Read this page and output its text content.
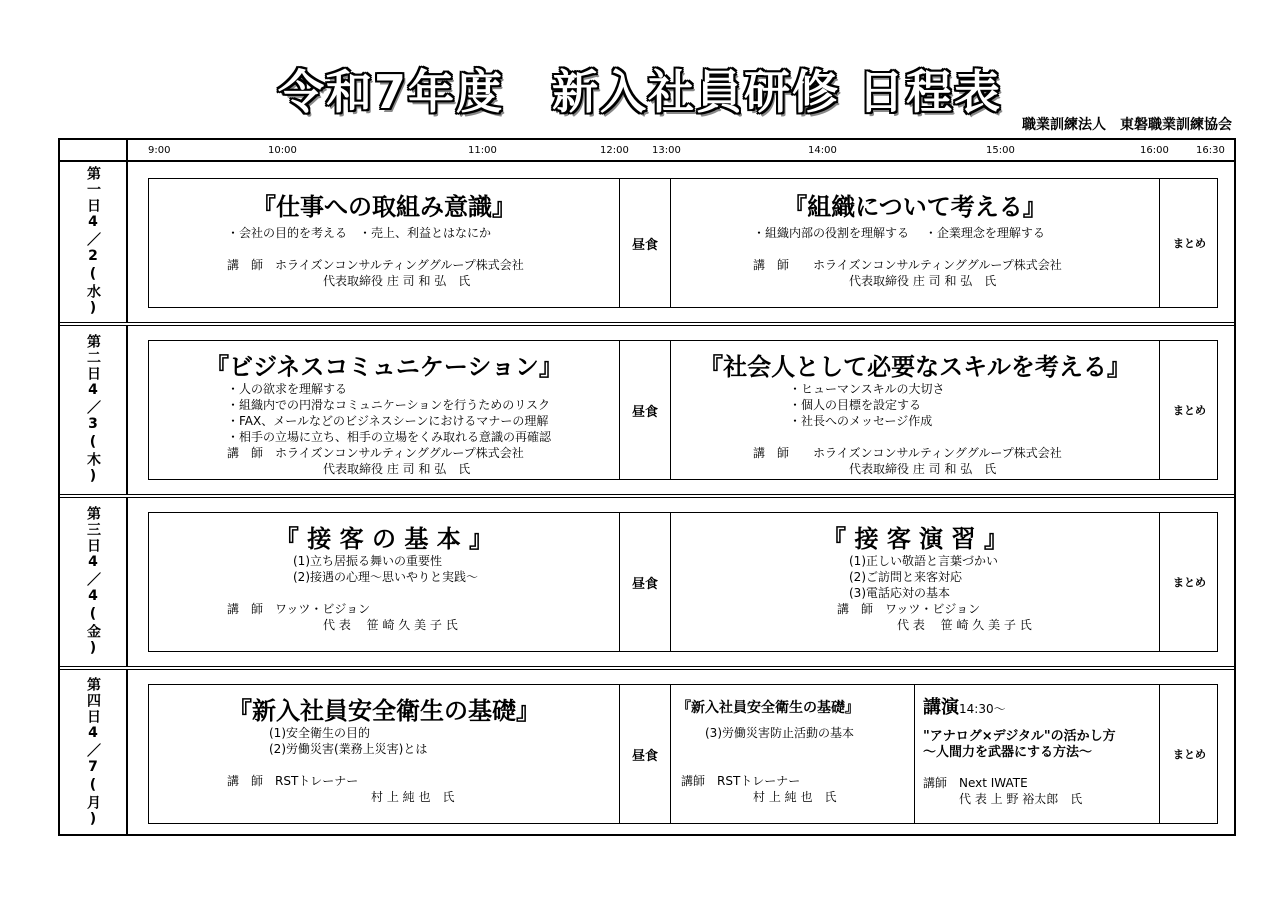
令和7年度　新入社員研修 日程表
職業訓練法人　東磐職業訓練協会
9:00	10:00	11:00	12:00 13:00	14:00	15:00	16:00	16:30
第一日4／2(水)	『仕事への取組み意識』
・会社の目的を考える　・売上、利益とはなにか

講　師　ホライズンコンサルティンググループ株式会社
　　　　　　　　代表取締役 庄 司 和 弘　氏
昼食
『組織について考える』
・組織内部の役割を理解する　 ・企業理念を理解する

講　師　　ホライズンコンサルティンググループ株式会社
　　　　　　　　代表取締役 庄 司 和 弘　氏
まとめ
第二日4／3(木)	『ビジネスコミュニケーション』
・人の欲求を理解する
・組織内での円滑なコミュニケーションを行うためのリスク
・FAX、メールなどのビジネスシーンにおけるマナーの理解
・相手の立場に立ち、相手の立場をくみ取れる意識の再確認
講　師　ホライズンコンサルティンググループ株式会社
　　　　　　　　代表取締役 庄 司 和 弘　氏
昼食
『社会人として必要なスキルを考える』
・ヒューマンスキルの大切さ
・個人の目標を設定する
・社長へのメッセージ作成

講　師　　ホライズンコンサルティンググループ株式会社
　　　　　　　　代表取締役 庄 司 和 弘　氏
まとめ
第三日4／4(金)	『 接 客 の 基 本 』
(1)立ち居振る舞いの重要性
(2)接遇の心理～思いやりと実践～

講　師　ワッツ・ビジョン
　　　　　　　　代 表　 笹 崎 久 美 子 氏
昼食
『 接 客 演 習 』
(1)正しい敬語と言葉づかい
(2)ご訪問と来客対応
(3)電話応対の基本
講　師　ワッツ・ビジョン
　　　　　代 表　 笹 崎 久 美 子 氏
まとめ
第四日4／7(月)	『新入社員安全衛生の基礎』
(1)安全衛生の目的
(2)労働災害(業務上災害)とは

講　師　RSTトレーナー
　　　　　　　　　　　　村 上 純 也　氏
昼食
『新入社員安全衛生の基礎』
(3)労働災害防止活動の基本

講師　RSTトレーナー
　　　　　　村 上 純 也　氏
講演14:30～
"アナログ×デジタル"の活かし方
～人間力を武器にする方法～
講師　Next IWATE
　　　代 表 上 野 裕太郎　氏
まとめ
